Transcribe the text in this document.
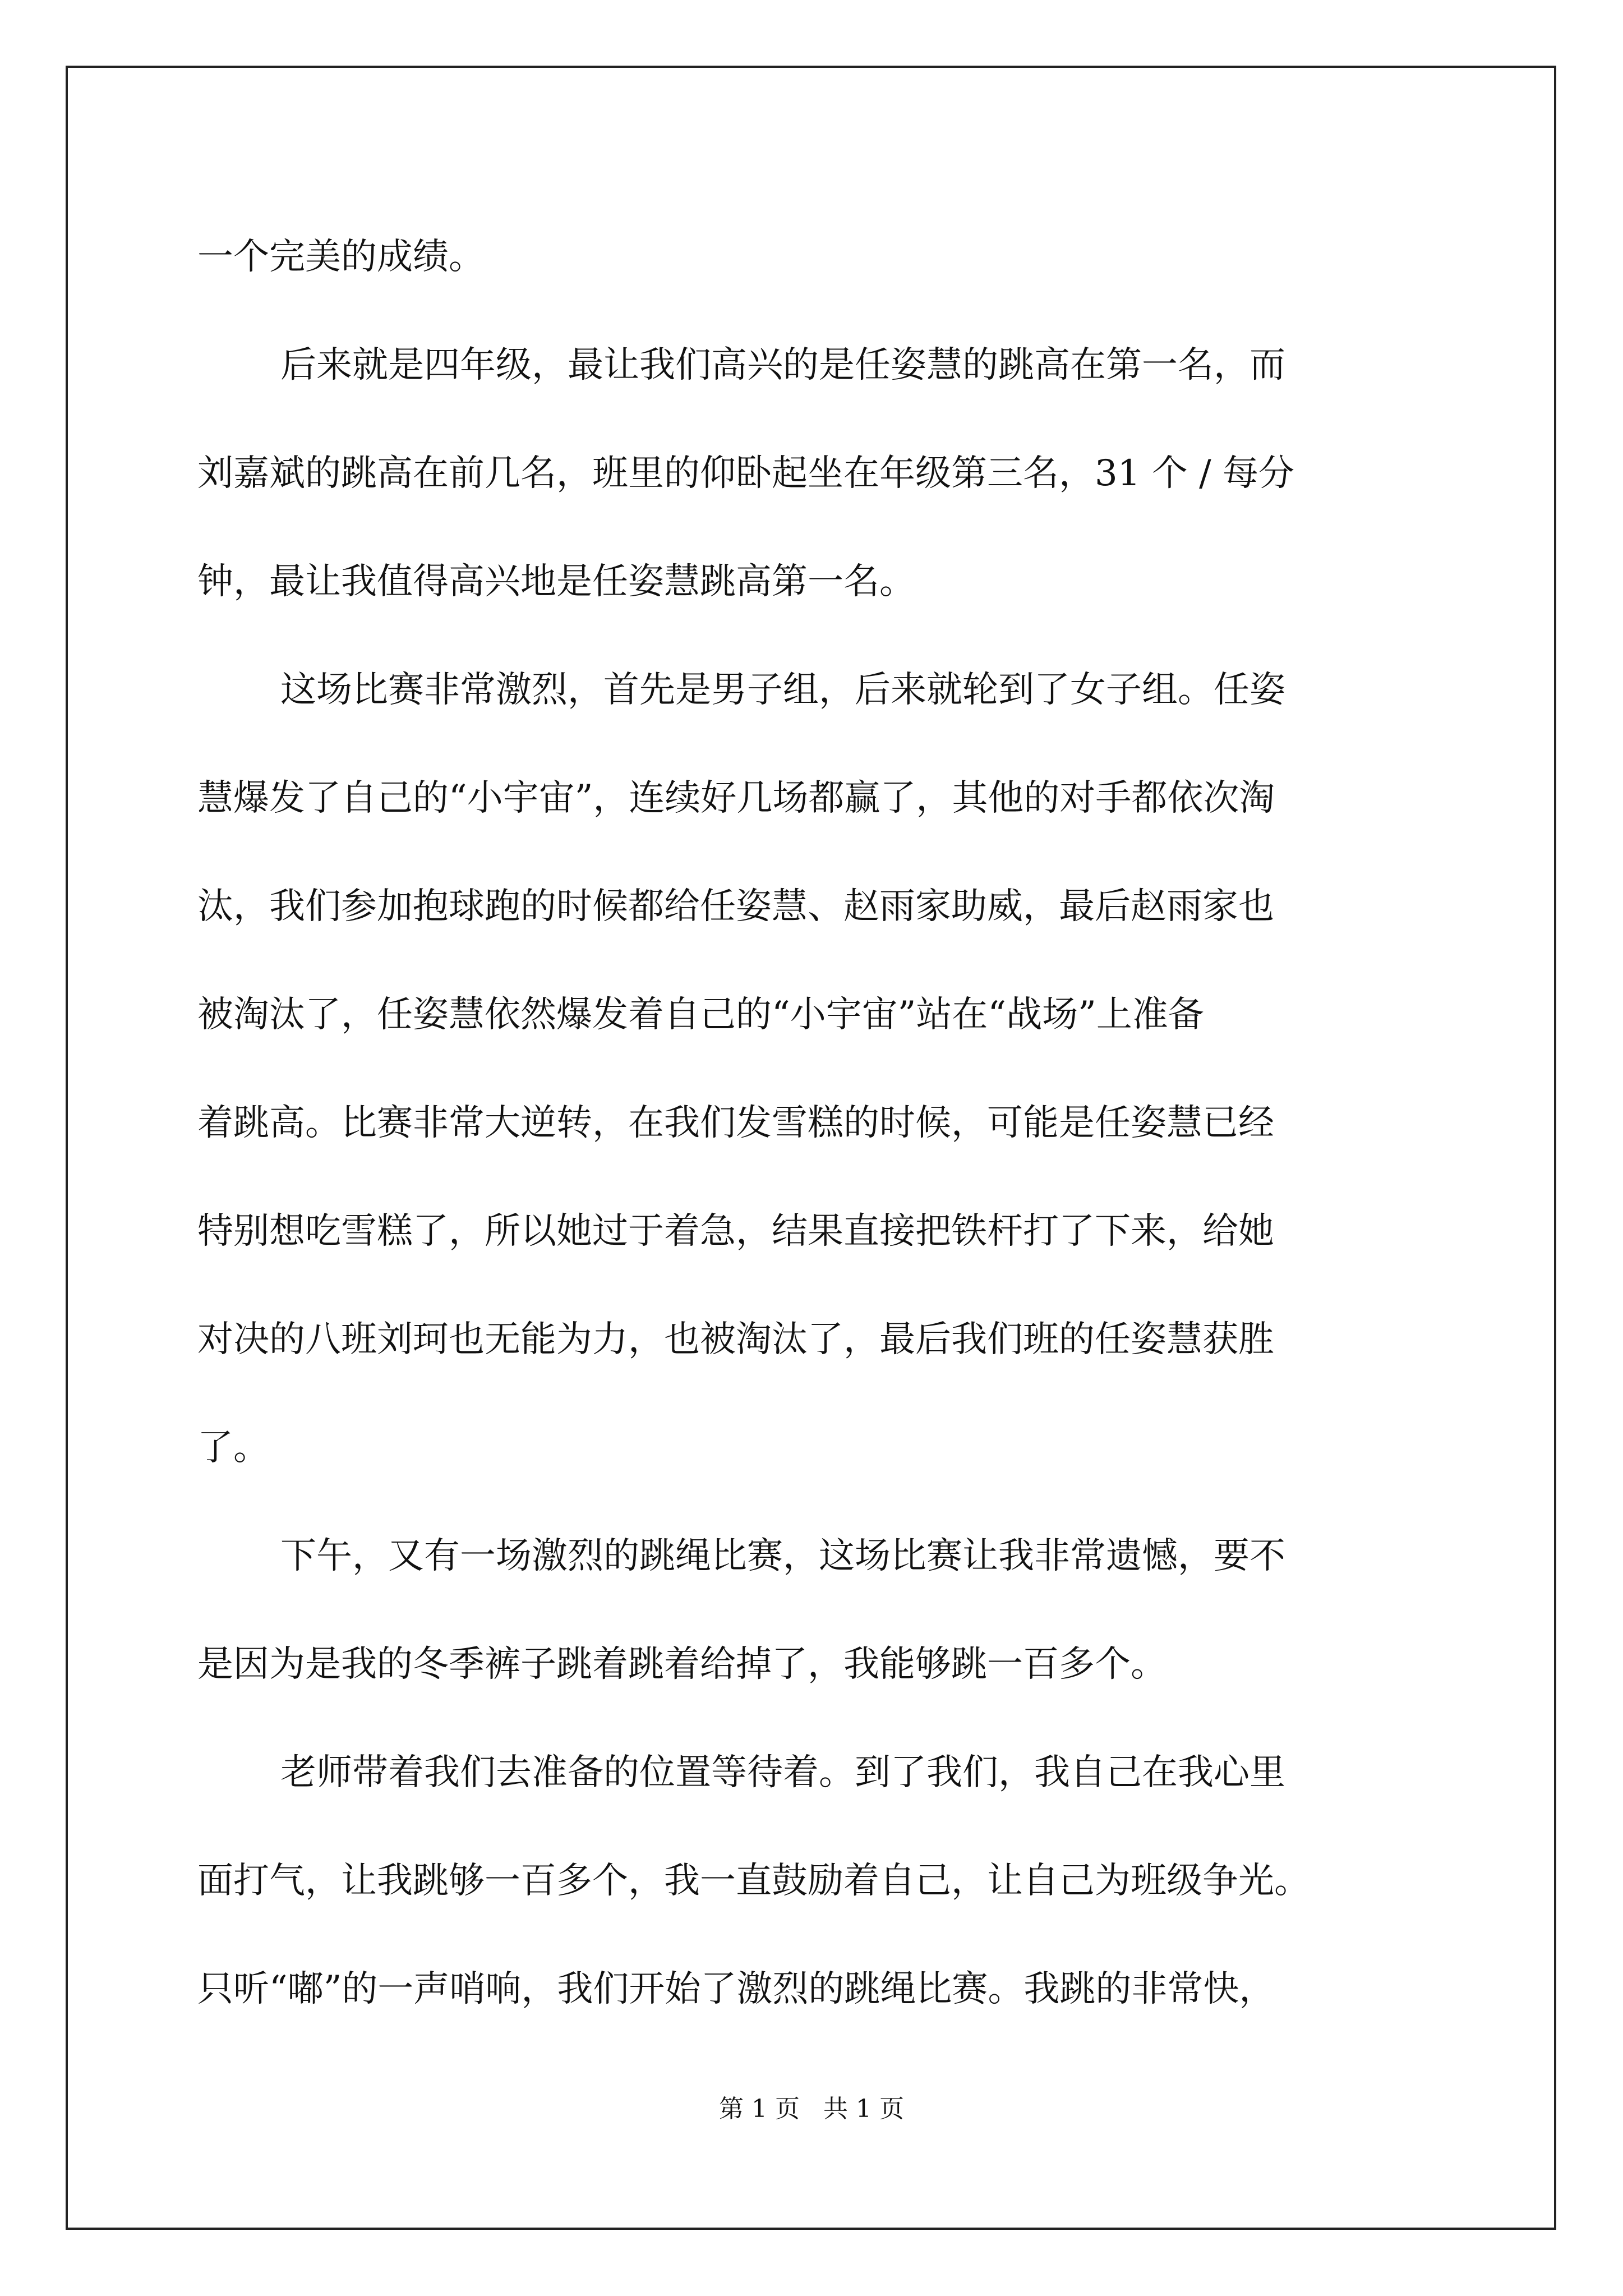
一个完美的成绩。
后来就是四年级，最让我们高兴的是任姿慧的跳高在第一名，而
刘嘉斌的跳高在前几名，班里的仰卧起坐在年级第三名，31 个 / 每分
钟，最让我值得高兴地是任姿慧跳高第一名。
这场比赛非常激烈，首先是男子组，后来就轮到了女子组。任姿
慧爆发了自己的“小宇宙”，连续好几场都赢了，其他的对手都依次淘
汰，我们参加抱球跑的时候都给任姿慧、赵雨家助威，最后赵雨家也
被淘汰了，任姿慧依然爆发着自己的“小宇宙”站在“战场”上准备
着跳高。比赛非常大逆转，在我们发雪糕的时候，可能是任姿慧已经
特别想吃雪糕了，所以她过于着急，结果直接把铁杆打了下来，给她
对决的八班刘珂也无能为力，也被淘汰了，最后我们班的任姿慧获胜
了。
下午，又有一场激烈的跳绳比赛，这场比赛让我非常遗憾，要不
是因为是我的冬季裤子跳着跳着给掉了，我能够跳一百多个。
老师带着我们去准备的位置等待着。到了我们，我自己在我心里
面打气，让我跳够一百多个，我一直鼓励着自己，让自己为班级争光。
只听“嘟”的一声哨响，我们开始了激烈的跳绳比赛。我跳的非常快，
第 1 页 共 1 页
